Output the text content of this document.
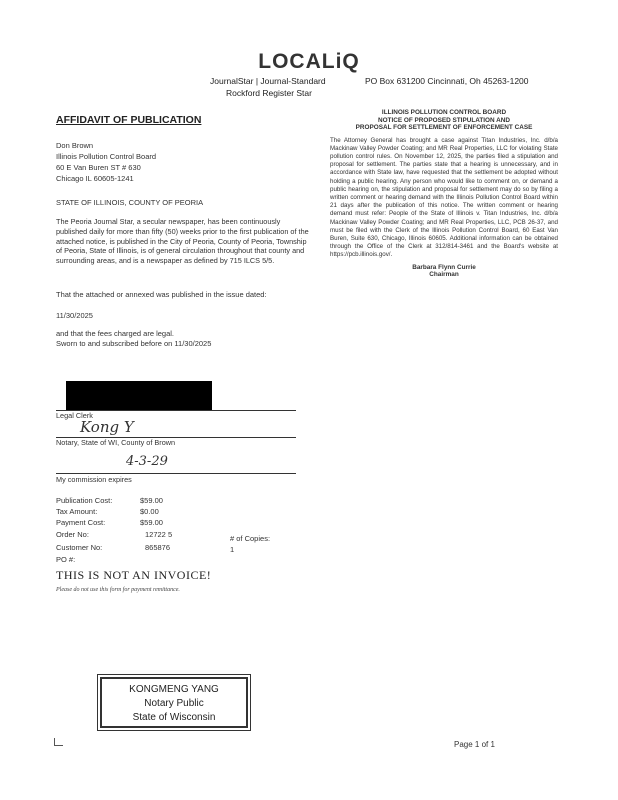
LOCALiQ
JournalStar | Journal-Standard
Rockford Register Star
PO Box 631200 Cincinnati, Oh 45263-1200
AFFIDAVIT OF PUBLICATION
Don Brown
Illinois Pollution Control Board
60 E Van Buren ST # 630
Chicago IL 60605-1241
STATE OF ILLINOIS, COUNTY OF PEORIA
The Peoria Journal Star, a secular newspaper, has been continuously published daily for more than fifty (50) weeks prior to the first publication of the attached notice, is published in the City of Peoria, County of Peoria, Township of Peoria, State of Illinois, is of general circulation throughout that county and surrounding areas, and is a newspaper as defined by 715 ILCS 5/5.
That the attached or annexed was published in the issue dated:
11/30/2025
and that the fees charged are legal.
Sworn to and subscribed before on 11/30/2025
Legal Clerk
Kong Y
Notary, State of WI, County of Brown
4-3-29
My commission expires
Publication Cost:	$59.00
Tax Amount:	$0.00
Payment Cost:	$59.00
Order No:	12722 5	# of Copies:
Customer No:	865876	1
PO #:
THIS IS NOT AN INVOICE!
Please do not use this form for payment remittance.
ILLINOIS POLLUTION CONTROL BOARD
NOTICE OF PROPOSED STIPULATION AND
PROPOSAL FOR SETTLEMENT OF ENFORCEMENT CASE
The Attorney General has brought a case against Titan Industries, Inc. d/b/a Mackinaw Valley Powder Coating; and MR Real Properties, LLC for violating State pollution control rules. On November 12, 2025, the parties filed a stipulation and proposal for settlement. The parties state that a hearing is unnecessary, and in accordance with State law, have requested that the settlement be adopted without holding a public hearing. Any person who would like to comment on, or demand a public hearing on, the stipulation and proposal for settlement may do so by filing a written comment or hearing demand with the Illinois Pollution Control Board within 21 days after the publication of this notice. The written comment or hearing demand must refer: People of the State of Illinois v. Titan Industries, Inc. d/b/a Mackinaw Valley Powder Coating; and MR Real Properties, LLC, PCB 26-37, and must be filed with the Clerk of the Illinois Pollution Control Board, 60 East Van Buren, Suite 630, Chicago, Illinois 60605. Additional information can be obtained through the Office of the Clerk at 312/814-3461 and the Board's website at https://pcb.illinois.gov/.
Barbara Flynn Currie
Chairman
KONGMENG YANG
Notary Public
State of Wisconsin
Page 1 of 1
